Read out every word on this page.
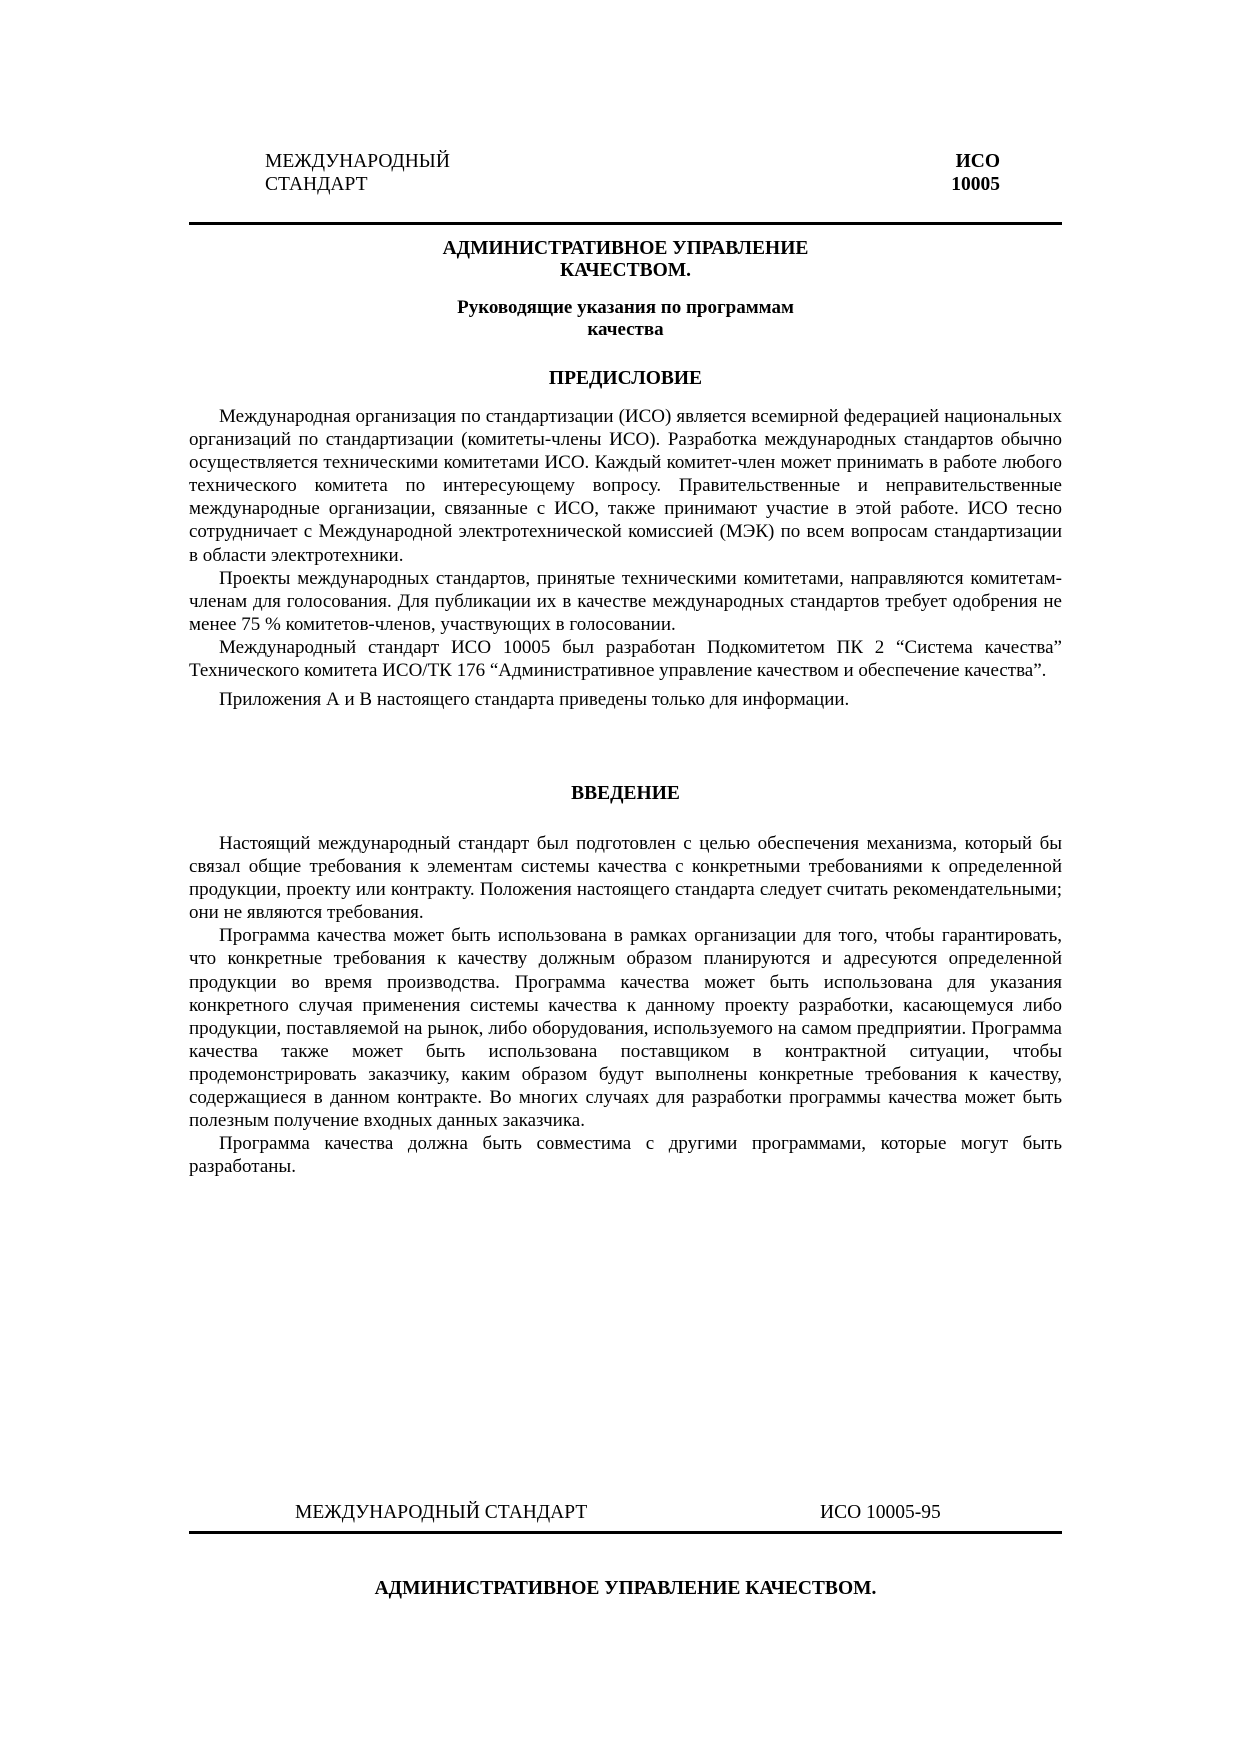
МЕЖДУНАРОДНЫЙ
СТАНДАРТ
ИСО
10005
АДМИНИСТРАТИВНОЕ УПРАВЛЕНИЕ
КАЧЕСТВОМ.
Руководящие указания по программам
качества
ПРЕДИСЛОВИЕ

Международная организация по стандартизации (ИСО) является всемирной федерацией национальных организаций по стандартизации (комитеты-члены ИСО). Разработка международных стандартов обычно осуществляется техническими комитетами ИСО. Каждый комитет-член может принимать в работе любого технического комитета по интересующему вопросу. Правительственные и неправительственные международные организации, связанные с ИСО, также принимают участие в этой работе. ИСО тесно сотрудничает с Международной электротехнической комиссией (МЭК) по всем вопросам стандартизации в области электротехники.

Проекты международных стандартов, принятые техническими комитетами, направляются комитетам-членам для голосования. Для публикации их в качестве международных стандартов требует одобрения не менее 75 % комитетов-членов, участвующих в голосовании.

Международный стандарт ИСО 10005 был разработан Подкомитетом ПК 2 “Система качества” Технического комитета ИСО/ТК 176 “Административное управление качеством и обеспечение качества”.

Приложения А и В настоящего стандарта приведены только для информации.

ВВЕДЕНИЕ

Настоящий международный стандарт был подготовлен с целью обеспечения механизма, который бы связал общие требования к элементам системы качества с конкретными требованиями к определенной продукции, проекту или контракту. Положения настоящего стандарта следует считать рекомендательными; они не являются требования.

Программа качества может быть использована в рамках организации для того, чтобы гарантировать, что конкретные требования к качеству должным образом планируются и адресуются определенной продукции во время производства. Программа качества может быть использована для указания конкретного случая применения системы качества к данному проекту разработки, касающемуся либо продукции, поставляемой на рынок, либо оборудования, используемого на самом предприятии. Программа качества также может быть использована поставщиком в контрактной ситуации, чтобы продемонстрировать заказчику, каким образом будут выполнены конкретные требования к качеству, содержащиеся в данном контракте. Во многих случаях для разработки программы качества может быть полезным получение входных данных заказчика.

Программа качества должна быть совместима с другими программами, которые могут быть разработаны.

МЕЖДУНАРОДНЫЙ СТАНДАРТ	ИСО 10005-95
АДМИНИСТРАТИВНОЕ УПРАВЛЕНИЕ КАЧЕСТВОМ.
